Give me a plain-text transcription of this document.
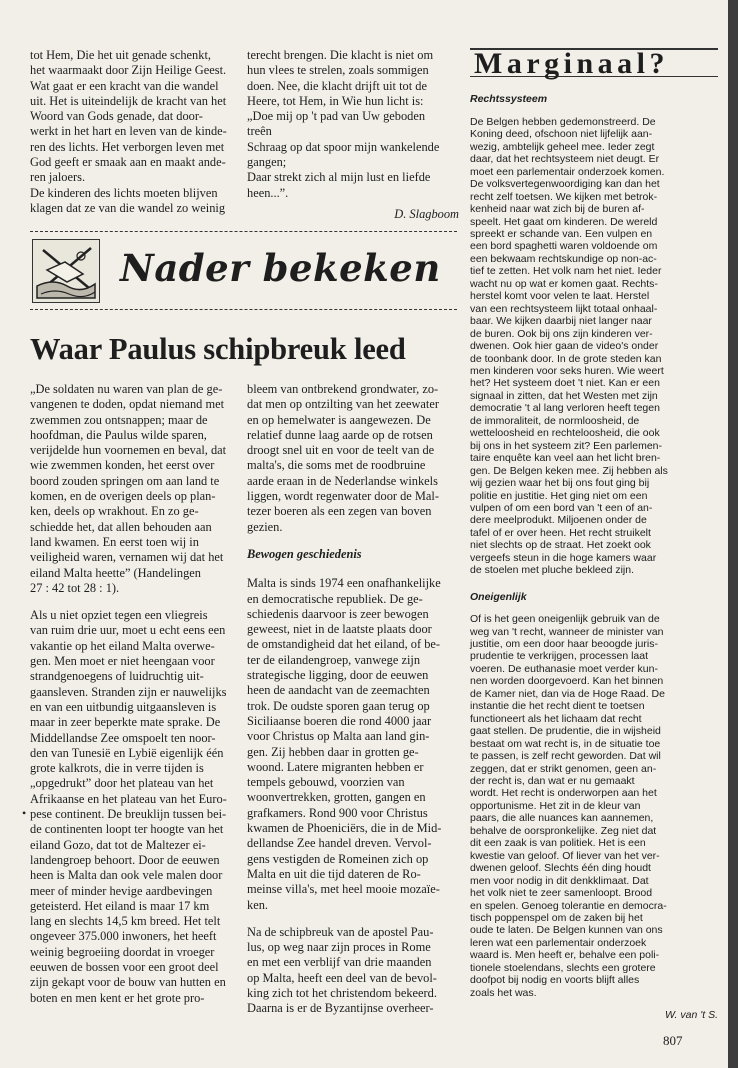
tot Hem, Die het uit genade schenkt,
het waarmaakt door Zijn Heilige Geest.
Wat gaat er een kracht van die wandel
uit. Het is uiteindelijk de kracht van het
Woord van Gods genade, dat door-
werkt in het hart en leven van de kinde-
ren des lichts. Het verborgen leven met
God geeft er smaak aan en maakt ande-
ren jaloers.
De kinderen des lichts moeten blijven
klagen dat ze van die wandel zo weinig

terecht brengen. Die klacht is niet om
hun vlees te strelen, zoals sommigen
doen. Nee, die klacht drijft uit tot de
Heere, tot Hem, in Wie hun licht is:
„Doe mij op 't pad van Uw geboden
treên
Schraag op dat spoor mijn wankelende
gangen;
Daar strekt zich al mijn lust en liefde
heen...”.

D. Slagboom

Nader bekeken
Waar Paulus schipbreuk leed

„De soldaten nu waren van plan de ge-
vangenen te doden, opdat niemand met
zwemmen zou ontsnappen; maar de
hoofdman, die Paulus wilde sparen,
verijdelde hun voornemen en beval, dat
wie zwemmen konden, het eerst over
boord zouden springen om aan land te
komen, en de overigen deels op plan-
ken, deels op wrakhout. En zo ge-
schiedde het, dat allen behouden aan
land kwamen. En eerst toen wij in
veiligheid waren, vernamen wij dat het
eiland Malta heette” (Handelingen
27 : 42 tot 28 : 1).

Als u niet opziet tegen een vliegreis
van ruim drie uur, moet u echt eens een
vakantie op het eiland Malta overwe-
gen. Men moet er niet heengaan voor
strandgenoegens of luidruchtig uit-
gaansleven. Stranden zijn er nauwelijks
en van een uitbundig uitgaansleven is
maar in zeer beperkte mate sprake. De
Middellandse Zee omspoelt ten noor-
den van Tunesië en Lybië eigenlijk één
grote kalkrots, die in verre tijden is
„opgedrukt” door het plateau van het
Afrikaanse en het plateau van het Euro-
pese continent. De breuklijn tussen bei-
de continenten loopt ter hoogte van het
eiland Gozo, dat tot de Maltezer ei-
landengroep behoort. Door de eeuwen
heen is Malta dan ook vele malen door
meer of minder hevige aardbevingen
geteisterd. Het eiland is maar 17 km
lang en slechts 14,5 km breed. Het telt
ongeveer 375.000 inwoners, het heeft
weinig begroeiing doordat in vroeger
eeuwen de bossen voor een groot deel
zijn gekapt voor de bouw van hutten en
boten en men kent er het grote pro-

•

bleem van ontbrekend grondwater, zo-
dat men op ontzilting van het zeewater
en op hemelwater is aangewezen. De
relatief dunne laag aarde op de rotsen
droogt snel uit en voor de teelt van de
malta's, die soms met de roodbruine
aarde eraan in de Nederlandse winkels
liggen, wordt regenwater door de Mal-
tezer boeren als een zegen van boven
gezien.

Bewogen geschiedenis

Malta is sinds 1974 een onafhankelijke
en democratische republiek. De ge-
schiedenis daarvoor is zeer bewogen
geweest, niet in de laatste plaats door
de omstandigheid dat het eiland, of be-
ter de eilandengroep, vanwege zijn
strategische ligging, door de eeuwen
heen de aandacht van de zeemachten
trok. De oudste sporen gaan terug op
Siciliaanse boeren die rond 4000 jaar
voor Christus op Malta aan land gin-
gen. Zij hebben daar in grotten ge-
woond. Latere migranten hebben er
tempels gebouwd, voorzien van
woonvertrekken, grotten, gangen en
grafkamers. Rond 900 voor Christus
kwamen de Phoeniciërs, die in de Mid-
dellandse Zee handel dreven. Vervol-
gens vestigden de Romeinen zich op
Malta en uit die tijd dateren de Ro-
meinse villa's, met heel mooie mozaïe-
ken.

Na de schipbreuk van de apostel Pau-
lus, op weg naar zijn proces in Rome
en met een verblijf van drie maanden
op Malta, heeft een deel van de bevol-
king zich tot het christendom bekeerd.
Daarna is er de Byzantijnse overheer-

Marginaal?
Rechtssysteem

De Belgen hebben gedemonstreerd. De
Koning deed, ofschoon niet lijfelijk aan-
wezig, ambtelijk geheel mee. Ieder zegt
daar, dat het rechtsysteem niet deugt. Er
moet een parlementair onderzoek komen.
De volksvertegenwoordiging kan dan het
recht zelf toetsen. We kijken met betrok-
kenheid naar wat zich bij de buren af-
speelt. Het gaat om kinderen. De wereld
spreekt er schande van. Een vulpen en
een bord spaghetti waren voldoende om
een bekwaam rechtskundige op non-ac-
tief te zetten. Het volk nam het niet. Ieder
wacht nu op wat er komen gaat. Rechts-
herstel komt voor velen te laat. Herstel
van een rechtsysteem lijkt totaal onhaal-
baar. We kijken daarbij niet langer naar
de buren. Ook bij ons zijn kinderen ver-
dwenen. Ook hier gaan de video's onder
de toonbank door. In de grote steden kan
men kinderen voor seks huren. Wie weert
het? Het systeem doet 't niet. Kan er een
signaal in zitten, dat het Westen met zijn
democratie 't al lang verloren heeft tegen
de immoraliteit, de normloosheid, de
wetteloosheid en rechteloosheid, die ook
bij ons in het systeem zit? Een parlemen-
taire enquête kan veel aan het licht bren-
gen. De Belgen keken mee. Zij hebben als
wij gezien waar het bij ons fout ging bij
politie en justitie. Het ging niet om een
vulpen of om een bord van 't een of an-
dere meelprodukt. Miljoenen onder de
tafel of er over heen. Het recht struikelt
niet slechts op de straat. Het zoekt ook
vergeefs steun in die hoge kamers waar
de stoelen met pluche bekleed zijn.

Oneigenlijk

Of is het geen oneigenlijk gebruik van de
weg van 't recht, wanneer de minister van
justitie, om een door haar beoogde juris-
prudentie te verkrijgen, processen laat
voeren. De euthanasie moet verder kun-
nen worden doorgevoerd. Kan het binnen
de Kamer niet, dan via de Hoge Raad. De
instantie die het recht dient te toetsen
functioneert als het lichaam dat recht
gaat stellen. De prudentie, die in wijsheid
bestaat om wat recht is, in de situatie toe
te passen, is zelf recht geworden. Dat wil
zeggen, dat er strikt genomen, geen an-
der recht is, dan wat er nu gemaakt
wordt. Het recht is onderworpen aan het
opportunisme. Het zit in de kleur van
paars, die alle nuances kan aannemen,
behalve de oorspronkelijke. Zeg niet dat
dit een zaak is van politiek. Het is een
kwestie van geloof. Of liever van het ver-
dwenen geloof. Slechts één ding houdt
men voor nodig in dit denkklimaat. Dat
het volk niet te zeer samenloopt. Brood
en spelen. Genoeg tolerantie en democra-
tisch poppenspel om de zaken bij het
oude te laten. De Belgen kunnen van ons
leren wat een parlementair onderzoek
waard is. Men heeft er, behalve een poli-
tionele stoelendans, slechts een grotere
doofpot bij nodig en voorts blijft alles
zoals het was.

W. van 't S.
807
